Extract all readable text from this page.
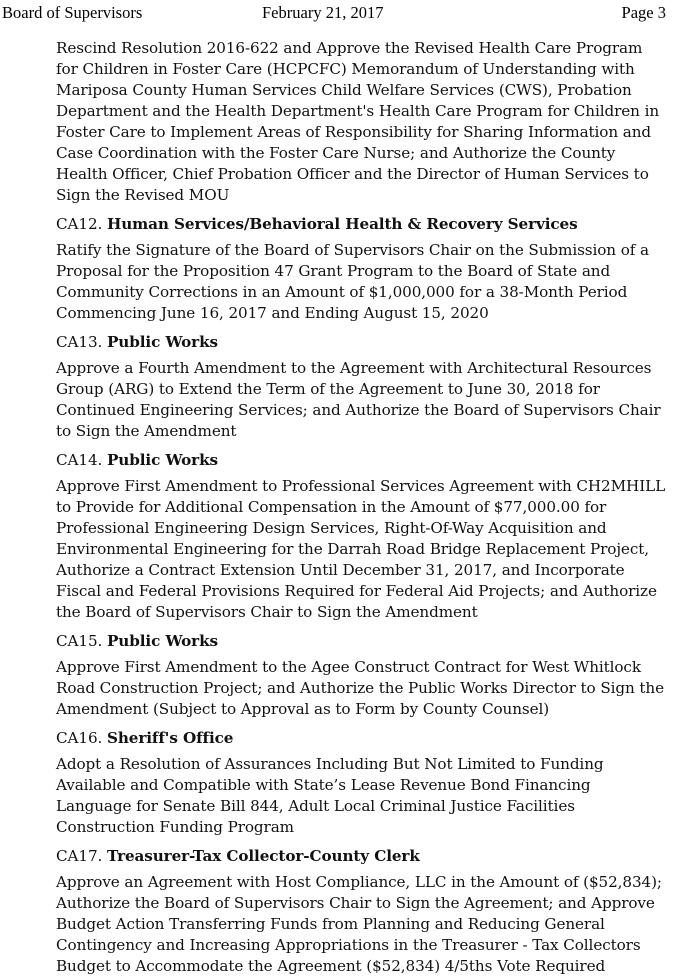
Board of Supervisors	February 21, 2017	Page 3

Rescind Resolution 2016-622 and Approve the Revised Health Care Program for Children in Foster Care (HCPCFC) Memorandum of Understanding with Mariposa County Human Services Child Welfare Services (CWS), Probation Department and the Health Department's Health Care Program for Children in Foster Care to Implement Areas of Responsibility for Sharing Information and Case Coordination with the Foster Care Nurse; and Authorize the County Health Officer, Chief Probation Officer and the Director of Human Services to Sign the Revised MOU

CA12. Human Services/Behavioral Health & Recovery Services

Ratify the Signature of the Board of Supervisors Chair on the Submission of a Proposal for the Proposition 47 Grant Program to the Board of State and Community Corrections in an Amount of $1,000,000 for a 38-Month Period Commencing June 16, 2017 and Ending August 15, 2020

CA13. Public Works

Approve a Fourth Amendment to the Agreement with Architectural Resources Group (ARG) to Extend the Term of the Agreement to June 30, 2018 for Continued Engineering Services; and Authorize the Board of Supervisors Chair to Sign the Amendment

CA14. Public Works

Approve First Amendment to Professional Services Agreement with CH2MHILL to Provide for Additional Compensation in the Amount of $77,000.00 for Professional Engineering Design Services, Right-Of-Way Acquisition and Environmental Engineering for the Darrah Road Bridge Replacement Project, Authorize a Contract Extension Until December 31, 2017, and Incorporate Fiscal and Federal Provisions Required for Federal Aid Projects; and Authorize the Board of Supervisors Chair to Sign the Amendment

CA15. Public Works

Approve First Amendment to the Agee Construct Contract for West Whitlock Road Construction Project; and Authorize the Public Works Director to Sign the Amendment (Subject to Approval as to Form by County Counsel)

CA16. Sheriff's Office

Adopt a Resolution of Assurances Including But Not Limited to Funding Available and Compatible with State’s Lease Revenue Bond Financing Language for Senate Bill 844, Adult Local Criminal Justice Facilities Construction Funding Program

CA17. Treasurer-Tax Collector-County Clerk

Approve an Agreement with Host Compliance, LLC in the Amount of ($52,834); Authorize the Board of Supervisors Chair to Sign the Agreement; and Approve Budget Action Transferring Funds from Planning and Reducing General Contingency and Increasing Appropriations in the Treasurer - Tax Collectors Budget to Accommodate the Agreement ($52,834) 4/5ths Vote Required
